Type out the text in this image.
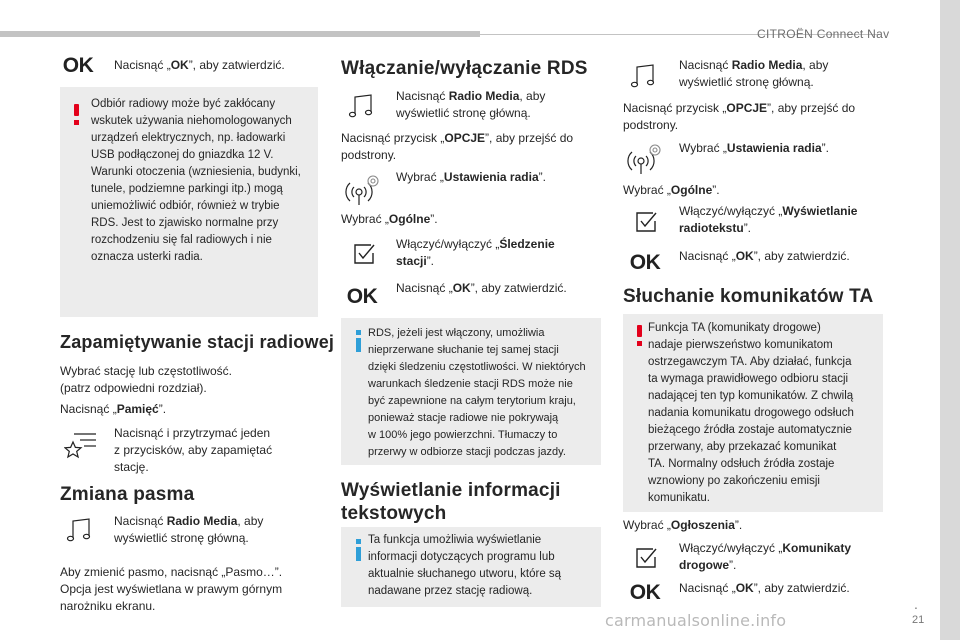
CITROËN Connect Nav
.
21
carmanualsonline.info
OK Nacisnąć „OK”, aby zatwierdzić.
Odbiór radiowy może być zakłócany
wskutek używania niehomologowanych
urządzeń elektrycznych, np. ładowarki
USB podłączonej do gniazdka 12 V.
Warunki otoczenia (wzniesienia, budynki,
tunele, podziemne parkingi itp.) mogą
uniemożliwić odbiór, również w trybie
RDS. Jest to zjawisko normalne przy
rozchodzeniu się fal radiowych i nie
oznacza usterki radia.
Zapamiętywanie stacji radiowej
Wybrać stację lub częstotliwość.
(patrz odpowiedni rozdział).
Nacisnąć „Pamięć”.
Nacisnąć i przytrzymać jeden
z przycisków, aby zapamiętać
stację.
Zmiana pasma
Nacisnąć Radio Media, aby
wyświetlić stronę główną.
Aby zmienić pasmo, nacisnąć „Pasmo…”.
Opcja jest wyświetlana w prawym górnym
narożniku ekranu.
Włączanie/wyłączanie RDS
Nacisnąć Radio Media, aby
wyświetlić stronę główną.
Nacisnąć przycisk „OPCJE”, aby przejść do
podstrony.
Wybrać „Ustawienia radia”.
Wybrać „Ogólne”.
Włączyć/wyłączyć „Śledzenie
stacji”.
OK Nacisnąć „OK”, aby zatwierdzić.
RDS, jeżeli jest włączony, umożliwia
nieprzerwane słuchanie tej samej stacji
dzięki śledzeniu częstotliwości. W niektórych
warunkach śledzenie stacji RDS może nie
być zapewnione na całym terytorium kraju,
ponieważ stacje radiowe nie pokrywają
w 100% jego powierzchni. Tłumaczy to
przerwy w odbiorze stacji podczas jazdy.
Wyświetlanie informacji
tekstowych
Ta funkcja umożliwia wyświetlanie
informacji dotyczących programu lub
aktualnie słuchanego utworu, które są
nadawane przez stację radiową.
Nacisnąć Radio Media, aby
wyświetlić stronę główną.
Nacisnąć przycisk „OPCJE”, aby przejść do
podstrony.
Wybrać „Ustawienia radia”.
Wybrać „Ogólne”.
Włączyć/wyłączyć „Wyświetlanie
radiotekstu”.
OK Nacisnąć „OK”, aby zatwierdzić.
Słuchanie komunikatów TA
Funkcja TA (komunikaty drogowe)
nadaje pierwszeństwo komunikatom
ostrzegawczym TA. Aby działać, funkcja
ta wymaga prawidłowego odbioru stacji
nadającej ten typ komunikatów. Z chwilą
nadania komunikatu drogowego odsłuch
bieżącego źródła zostaje automatycznie
przerwany, aby przekazać komunikat
TA. Normalny odsłuch źródła zostaje
wznowiony po zakończeniu emisji
komunikatu.
Wybrać „Ogłoszenia”.
Włączyć/wyłączyć „Komunikaty
drogowe”.
OK Nacisnąć „OK”, aby zatwierdzić.
